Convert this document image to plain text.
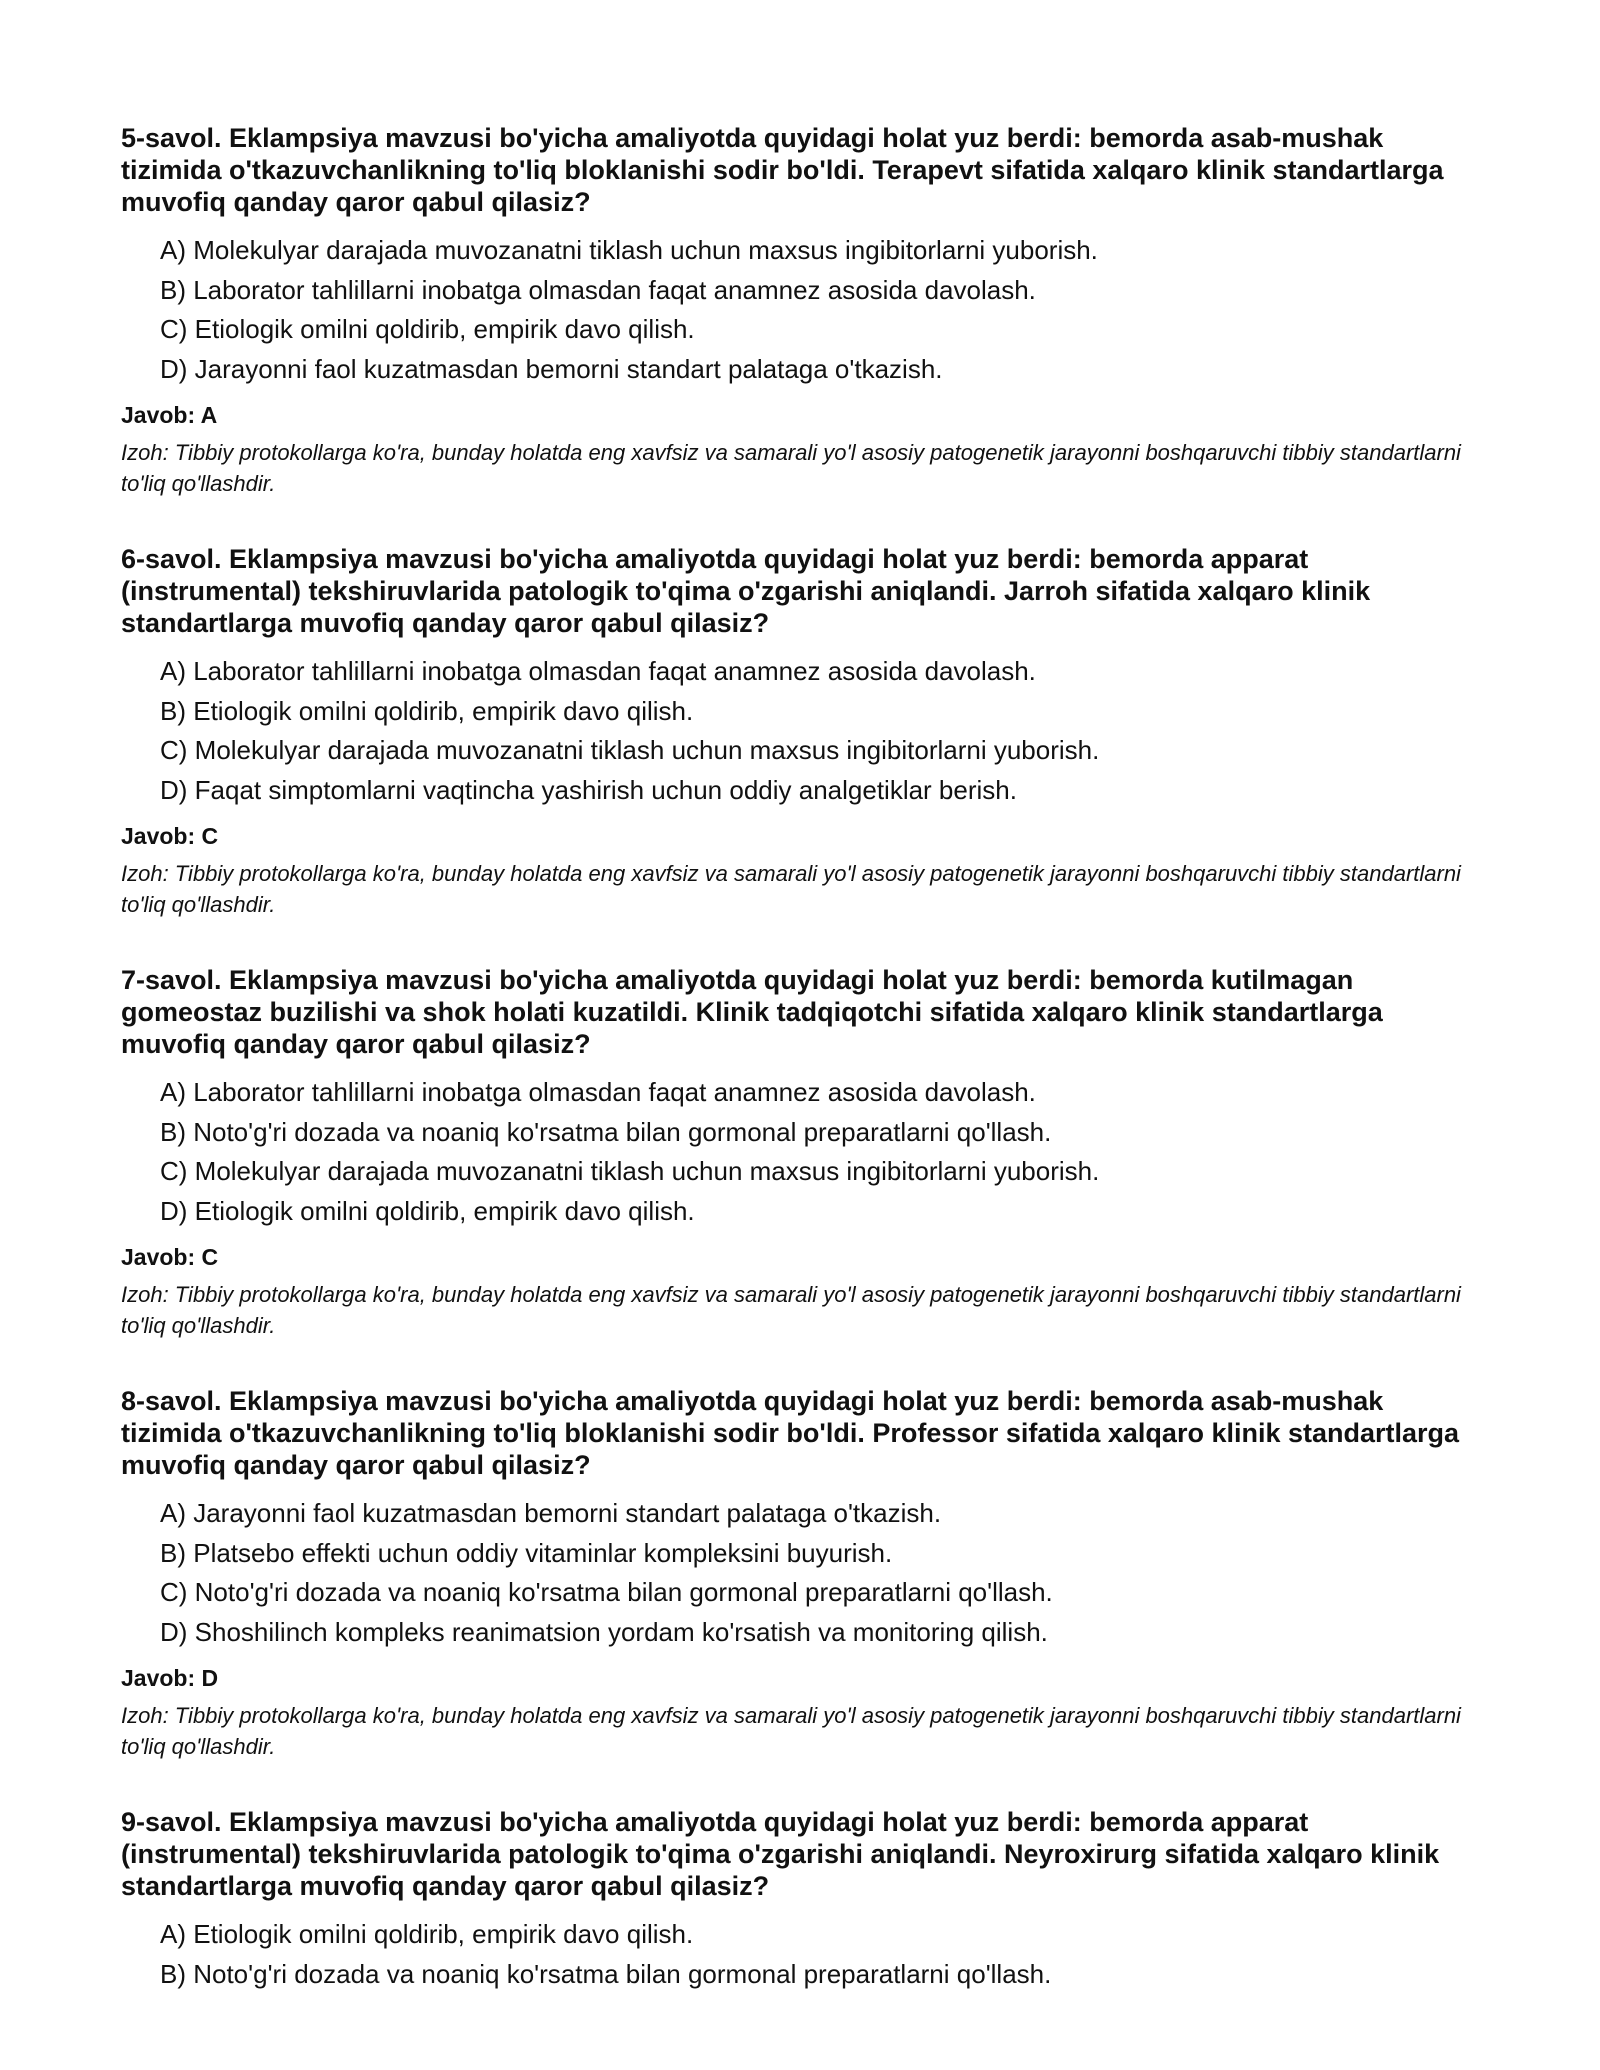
5-savol. Eklampsiya mavzusi bo'yicha amaliyotda quyidagi holat yuz berdi: bemorda asab-mushak tizimida o'tkazuvchanlikning to'liq bloklanishi sodir bo'ldi. Terapevt sifatida xalqaro klinik standartlarga muvofiq qanday qaror qabul qilasiz?

A) Molekulyar darajada muvozanatni tiklash uchun maxsus ingibitorlarni yuborish.
B) Laborator tahlillarni inobatga olmasdan faqat anamnez asosida davolash.
C) Etiologik omilni qoldirib, empirik davo qilish.
D) Jarayonni faol kuzatmasdan bemorni standart palataga o'tkazish.

Javob: A

Izoh: Tibbiy protokollarga ko'ra, bunday holatda eng xavfsiz va samarali yo'l asosiy patogenetik jarayonni boshqaruvchi tibbiy standartlarni to'liq qo'llashdir.

6-savol. Eklampsiya mavzusi bo'yicha amaliyotda quyidagi holat yuz berdi: bemorda apparat (instrumental) tekshiruvlarida patologik to'qima o'zgarishi aniqlandi. Jarroh sifatida xalqaro klinik standartlarga muvofiq qanday qaror qabul qilasiz?

A) Laborator tahlillarni inobatga olmasdan faqat anamnez asosida davolash.
B) Etiologik omilni qoldirib, empirik davo qilish.
C) Molekulyar darajada muvozanatni tiklash uchun maxsus ingibitorlarni yuborish.
D) Faqat simptomlarni vaqtincha yashirish uchun oddiy analgetiklar berish.

Javob: C

Izoh: Tibbiy protokollarga ko'ra, bunday holatda eng xavfsiz va samarali yo'l asosiy patogenetik jarayonni boshqaruvchi tibbiy standartlarni to'liq qo'llashdir.

7-savol. Eklampsiya mavzusi bo'yicha amaliyotda quyidagi holat yuz berdi: bemorda kutilmagan gomeostaz buzilishi va shok holati kuzatildi. Klinik tadqiqotchi sifatida xalqaro klinik standartlarga muvofiq qanday qaror qabul qilasiz?

A) Laborator tahlillarni inobatga olmasdan faqat anamnez asosida davolash.
B) Noto'g'ri dozada va noaniq ko'rsatma bilan gormonal preparatlarni qo'llash.
C) Molekulyar darajada muvozanatni tiklash uchun maxsus ingibitorlarni yuborish.
D) Etiologik omilni qoldirib, empirik davo qilish.

Javob: C

Izoh: Tibbiy protokollarga ko'ra, bunday holatda eng xavfsiz va samarali yo'l asosiy patogenetik jarayonni boshqaruvchi tibbiy standartlarni to'liq qo'llashdir.

8-savol. Eklampsiya mavzusi bo'yicha amaliyotda quyidagi holat yuz berdi: bemorda asab-mushak tizimida o'tkazuvchanlikning to'liq bloklanishi sodir bo'ldi. Professor sifatida xalqaro klinik standartlarga muvofiq qanday qaror qabul qilasiz?

A) Jarayonni faol kuzatmasdan bemorni standart palataga o'tkazish.
B) Platsebo effekti uchun oddiy vitaminlar kompleksini buyurish.
C) Noto'g'ri dozada va noaniq ko'rsatma bilan gormonal preparatlarni qo'llash.
D) Shoshilinch kompleks reanimatsion yordam ko'rsatish va monitoring qilish.

Javob: D

Izoh: Tibbiy protokollarga ko'ra, bunday holatda eng xavfsiz va samarali yo'l asosiy patogenetik jarayonni boshqaruvchi tibbiy standartlarni to'liq qo'llashdir.

9-savol. Eklampsiya mavzusi bo'yicha amaliyotda quyidagi holat yuz berdi: bemorda apparat (instrumental) tekshiruvlarida patologik to'qima o'zgarishi aniqlandi. Neyroxirurg sifatida xalqaro klinik standartlarga muvofiq qanday qaror qabul qilasiz?

A) Etiologik omilni qoldirib, empirik davo qilish.
B) Noto'g'ri dozada va noaniq ko'rsatma bilan gormonal preparatlarni qo'llash.
